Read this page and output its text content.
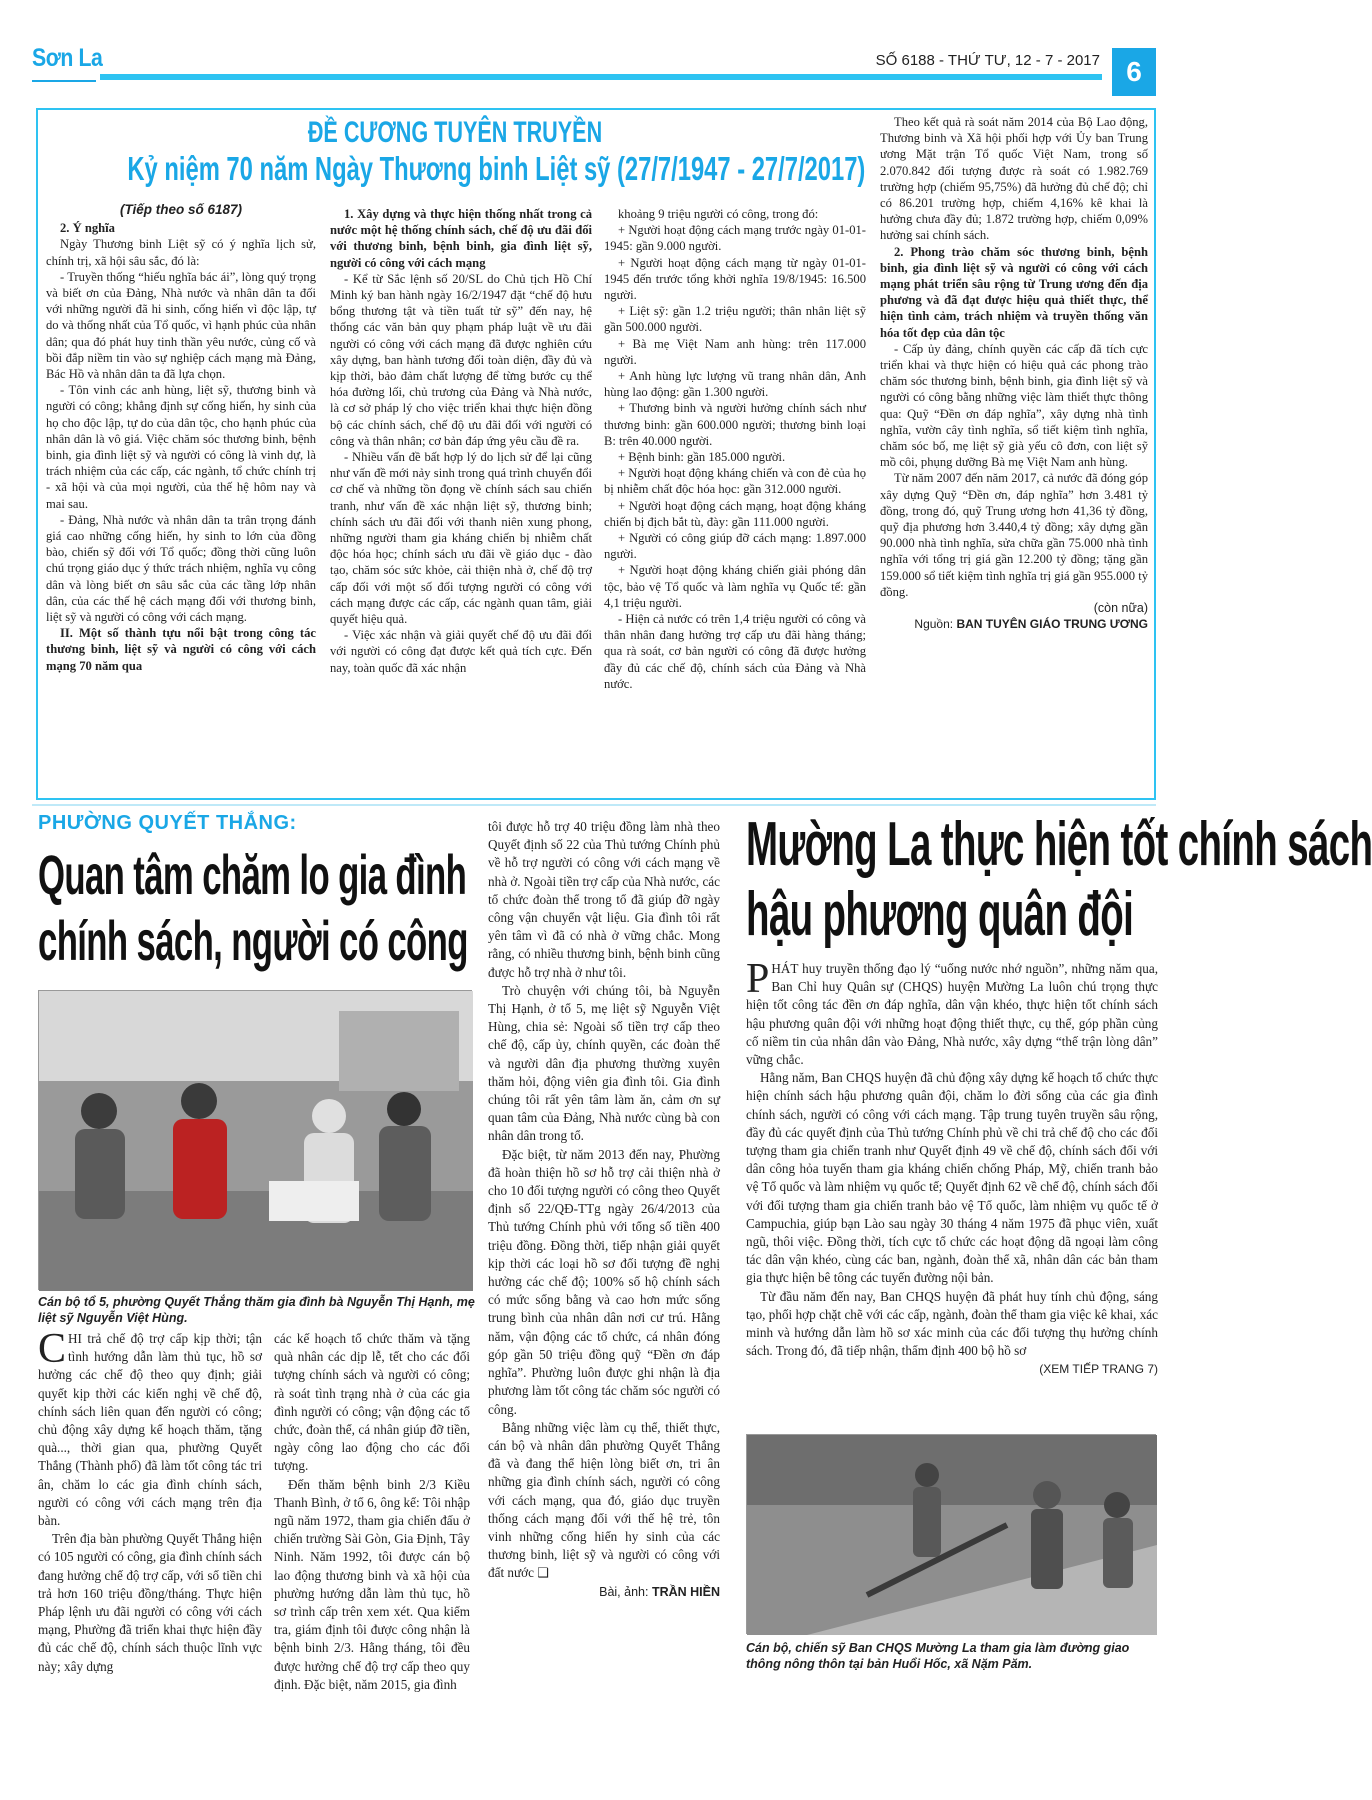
Sơn La	SỐ 6188 - THỨ TƯ, 12 - 7 - 2017 6
ĐỀ CƯƠNG TUYÊN TRUYỀN
Kỷ niệm 70 năm Ngày Thương binh Liệt sỹ (27/7/1947 - 27/7/2017)
(Tiếp theo số 6187)

2. Ý nghĩa

Ngày Thương binh Liệt sỹ có ý nghĩa lịch sử, chính trị, xã hội sâu sắc, đó là:

- Truyền thống “hiếu nghĩa bác ái”, lòng quý trọng và biết ơn của Đảng, Nhà nước và nhân dân ta đối với những người đã hi sinh, cống hiến vì độc lập, tự do và thống nhất của Tổ quốc, vì hạnh phúc của nhân dân; qua đó phát huy tinh thần yêu nước, củng cố và bồi đắp niềm tin vào sự nghiệp cách mạng mà Đảng, Bác Hồ và nhân dân ta đã lựa chọn.

- Tôn vinh các anh hùng, liệt sỹ, thương binh và người có công; khẳng định sự cống hiến, hy sinh của họ cho độc lập, tự do của dân tộc, cho hạnh phúc của nhân dân là vô giá. Việc chăm sóc thương binh, bệnh binh, gia đình liệt sỹ và người có công là vinh dự, là trách nhiệm của các cấp, các ngành, tổ chức chính trị - xã hội và của mọi người, của thế hệ hôm nay và mai sau.

- Đảng, Nhà nước và nhân dân ta trân trọng đánh giá cao những cống hiến, hy sinh to lớn của đồng bào, chiến sỹ đối với Tổ quốc; đồng thời cũng luôn chú trọng giáo dục ý thức trách nhiệm, nghĩa vụ công dân và lòng biết ơn sâu sắc của các tầng lớp nhân dân, của các thế hệ cách mạng đối với thương binh, liệt sỹ và người có công với cách mạng.

II. Một số thành tựu nổi bật trong công tác thương binh, liệt sỹ và người có công với cách mạng 70 năm qua

1. Xây dựng và thực hiện thống nhất trong cả nước một hệ thống chính sách, chế độ ưu đãi đối với thương binh, bệnh binh, gia đình liệt sỹ, người có công với cách mạng

- Kể từ Sắc lệnh số 20/SL do Chủ tịch Hồ Chí Minh ký ban hành ngày 16/2/1947 đặt “chế độ hưu bổng thương tật và tiền tuất tử sỹ” đến nay, hệ thống các văn bản quy phạm pháp luật về ưu đãi người có công với cách mạng đã được nghiên cứu xây dựng, ban hành tương đối toàn diện, đầy đủ và kịp thời, bảo đảm chất lượng để từng bước cụ thể hóa đường lối, chủ trương của Đảng và Nhà nước, là cơ sở pháp lý cho việc triển khai thực hiện đồng bộ các chính sách, chế độ ưu đãi đối với người có công và thân nhân; cơ bản đáp ứng yêu cầu đề ra.

- Nhiều vấn đề bất hợp lý do lịch sử để lại cũng như vấn đề mới nảy sinh trong quá trình chuyển đổi cơ chế và những tồn đọng về chính sách sau chiến tranh, như vấn đề xác nhận liệt sỹ, thương binh; chính sách ưu đãi đối với thanh niên xung phong, những người tham gia kháng chiến bị nhiễm chất độc hóa học; chính sách ưu đãi về giáo dục - đào tạo, chăm sóc sức khỏe, cải thiện nhà ở, chế độ trợ cấp đối với một số đối tượng người có công với cách mạng được các cấp, các ngành quan tâm, giải quyết hiệu quả.

- Việc xác nhận và giải quyết chế độ ưu đãi đối với người có công đạt được kết quả tích cực. Đến nay, toàn quốc đã xác nhận

khoảng 9 triệu người có công, trong đó:

+ Người hoạt động cách mạng trước ngày 01-01-1945: gần 9.000 người.

+ Người hoạt động cách mạng từ ngày 01-01-1945 đến trước tổng khởi nghĩa 19/8/1945: 16.500 người.

+ Liệt sỹ: gần 1.2 triệu người; thân nhân liệt sỹ gần 500.000 người.

+ Bà mẹ Việt Nam anh hùng: trên 117.000 người.

+ Anh hùng lực lượng vũ trang nhân dân, Anh hùng lao động: gần 1.300 người.

+ Thương binh và người hưởng chính sách như thương binh: gần 600.000 người; thương binh loại B: trên 40.000 người.

+ Bệnh binh: gần 185.000 người.

+ Người hoạt động kháng chiến và con đẻ của họ bị nhiễm chất độc hóa học: gần 312.000 người.

+ Người hoạt động cách mạng, hoạt động kháng chiến bị địch bắt tù, đày: gần 111.000 người.

+ Người có công giúp đỡ cách mạng: 1.897.000 người.

+ Người hoạt động kháng chiến giải phóng dân tộc, bảo vệ Tổ quốc và làm nghĩa vụ Quốc tế: gần 4,1 triệu người.

- Hiện cả nước có trên 1,4 triệu người có công và thân nhân đang hưởng trợ cấp ưu đãi hàng tháng; qua rà soát, cơ bản người có công đã được hưởng đầy đủ các chế độ, chính sách của Đảng và Nhà nước.

Theo kết quả rà soát năm 2014 của Bộ Lao động, Thương binh và Xã hội phối hợp với Ủy ban Trung ương Mặt trận Tổ quốc Việt Nam, trong số 2.070.842 đối tượng được rà soát có 1.982.769 trường hợp (chiếm 95,75%) đã hưởng đủ chế độ; chỉ có 86.201 trường hợp, chiếm 4,16% kê khai là hưởng chưa đầy đủ; 1.872 trường hợp, chiếm 0,09% hưởng sai chính sách.

2. Phong trào chăm sóc thương binh, bệnh binh, gia đình liệt sỹ và người có công với cách mạng phát triển sâu rộng từ Trung ương đến địa phương và đã đạt được hiệu quả thiết thực, thể hiện tình cảm, trách nhiệm và truyền thống văn hóa tốt đẹp của dân tộc

- Cấp ủy đảng, chính quyền các cấp đã tích cực triển khai và thực hiện có hiệu quả các phong trào chăm sóc thương binh, bệnh binh, gia đình liệt sỹ và người có công bằng những việc làm thiết thực thông qua: Quỹ “Đền ơn đáp nghĩa”, xây dựng nhà tình nghĩa, vườn cây tình nghĩa, sổ tiết kiệm tình nghĩa, chăm sóc bố, mẹ liệt sỹ già yếu cô đơn, con liệt sỹ mồ côi, phụng dưỡng Bà mẹ Việt Nam anh hùng.

Từ năm 2007 đến năm 2017, cả nước đã đóng góp xây dựng Quỹ “Đền ơn, đáp nghĩa” hơn 3.481 tỷ đồng, trong đó, quỹ Trung ương hơn 41,36 tỷ đồng, quỹ địa phương hơn 3.440,4 tỷ đồng; xây dựng gần 90.000 nhà tình nghĩa, sửa chữa gần 75.000 nhà tình nghĩa với tổng trị giá gần 12.200 tỷ đồng; tặng gần 159.000 sổ tiết kiệm tình nghĩa trị giá gần 955.000 tỷ đồng.

(còn nữa)
Nguồn: BAN TUYÊN GIÁO TRUNG ƯƠNG
PHƯỜNG QUYẾT THẮNG:
Quan tâm chăm lo gia đình
chính sách, người có công
Cán bộ tổ 5, phường Quyết Thắng thăm gia đình bà Nguyễn Thị Hạnh, mẹ liệt sỹ Nguyễn Việt Hùng.

CHI trả chế độ trợ cấp kịp thời; tận tình hướng dẫn làm thủ tục, hồ sơ hưởng các chế độ theo quy định; giải quyết kịp thời các kiến nghị về chế độ, chính sách liên quan đến người có công; chủ động xây dựng kế hoạch thăm, tặng quà..., thời gian qua, phường Quyết Thắng (Thành phố) đã làm tốt công tác tri ân, chăm lo các gia đình chính sách, người có công với cách mạng trên địa bàn.

Trên địa bàn phường Quyết Thắng hiện có 105 người có công, gia đình chính sách đang hưởng chế độ trợ cấp, với số tiền chi trả hơn 160 triệu đồng/tháng. Thực hiện Pháp lệnh ưu đãi người có công với cách mạng, Phường đã triển khai thực hiện đầy đủ các chế độ, chính sách thuộc lĩnh vực này; xây dựng

các kế hoạch tổ chức thăm và tặng quà nhân các dịp lễ, tết cho các đối tượng chính sách và người có công; rà soát tình trạng nhà ở của các gia đình người có công; vận động các tổ chức, đoàn thể, cá nhân giúp đỡ tiền, ngày công lao động cho các đối tượng.

Đến thăm bệnh binh 2/3 Kiều Thanh Bình, ở tổ 6, ông kể: Tôi nhập ngũ năm 1972, tham gia chiến đấu ở chiến trường Sài Gòn, Gia Định, Tây Ninh. Năm 1992, tôi được cán bộ lao động thương binh và xã hội của phường hướng dẫn làm thủ tục, hồ sơ trình cấp trên xem xét. Qua kiểm tra, giám định tôi được công nhận là bệnh binh 2/3. Hằng tháng, tôi đều được hưởng chế độ trợ cấp theo quy định. Đặc biệt, năm 2015, gia đình

tôi được hỗ trợ 40 triệu đồng làm nhà theo Quyết định số 22 của Thủ tướng Chính phủ về hỗ trợ người có công với cách mạng về nhà ở. Ngoài tiền trợ cấp của Nhà nước, các tổ chức đoàn thể trong tổ đã giúp đỡ ngày công vận chuyển vật liệu. Gia đình tôi rất yên tâm vì đã có nhà ở vững chắc. Mong rằng, có nhiều thương binh, bệnh binh cũng được hỗ trợ nhà ở như tôi.

Trò chuyện với chúng tôi, bà Nguyễn Thị Hạnh, ở tổ 5, mẹ liệt sỹ Nguyễn Việt Hùng, chia sẻ: Ngoài số tiền trợ cấp theo chế độ, cấp ủy, chính quyền, các đoàn thể và người dân địa phương thường xuyên thăm hỏi, động viên gia đình tôi. Gia đình chúng tôi rất yên tâm làm ăn, cảm ơn sự quan tâm của Đảng, Nhà nước cùng bà con nhân dân trong tổ.

Đặc biệt, từ năm 2013 đến nay, Phường đã hoàn thiện hồ sơ hỗ trợ cải thiện nhà ở cho 10 đối tượng người có công theo Quyết định số 22/QĐ-TTg ngày 26/4/2013 của Thủ tướng Chính phủ với tổng số tiền 400 triệu đồng. Đồng thời, tiếp nhận giải quyết kịp thời các loại hồ sơ đối tượng đề nghị hưởng các chế độ; 100% số hộ chính sách có mức sống bằng và cao hơn mức sống trung bình của nhân dân nơi cư trú. Hằng năm, vận động các tổ chức, cá nhân đóng góp gần 50 triệu đồng quỹ “Đền ơn đáp nghĩa”. Phường luôn được ghi nhận là địa phương làm tốt công tác chăm sóc người có công.

Bằng những việc làm cụ thể, thiết thực, cán bộ và nhân dân phường Quyết Thắng đã và đang thể hiện lòng biết ơn, tri ân những gia đình chính sách, người có công với cách mạng, qua đó, giáo dục truyền thống cách mạng đối với thế hệ trẻ, tôn vinh những cống hiến hy sinh của các thương binh, liệt sỹ và người có công với đất nước ❑

Bài, ảnh: TRẦN HIỀN
Mường La thực hiện tốt chính sách
hậu phương quân đội

PHÁT huy truyền thống đạo lý “uống nước nhớ nguồn”, những năm qua, Ban Chỉ huy Quân sự (CHQS) huyện Mường La luôn chú trọng thực hiện tốt công tác đền ơn đáp nghĩa, dân vận khéo, thực hiện tốt chính sách hậu phương quân đội với những hoạt động thiết thực, cụ thể, góp phần củng cố niềm tin của nhân dân vào Đảng, Nhà nước, xây dựng “thế trận lòng dân” vững chắc.

Hằng năm, Ban CHQS huyện đã chủ động xây dựng kế hoạch tổ chức thực hiện chính sách hậu phương quân đội, chăm lo đời sống của các gia đình chính sách, người có công với cách mạng. Tập trung tuyên truyền sâu rộng, đầy đủ các quyết định của Thủ tướng Chính phủ về chi trả chế độ cho các đối tượng tham gia chiến tranh như Quyết định 49 về chế độ, chính sách đối với dân công hỏa tuyến tham gia kháng chiến chống Pháp, Mỹ, chiến tranh bảo vệ Tổ quốc và làm nhiệm vụ quốc tế; Quyết định 62 về chế độ, chính sách đối với đối tượng tham gia chiến tranh bảo vệ Tổ quốc, làm nhiệm vụ quốc tế ở Campuchia, giúp bạn Lào sau ngày 30 tháng 4 năm 1975 đã phục viên, xuất ngũ, thôi việc. Đồng thời, tích cực tổ chức các hoạt động dã ngoại làm công tác dân vận khéo, cùng các ban, ngành, đoàn thể xã, nhân dân các bản tham gia thực hiện bê tông các tuyến đường nội bản.

Từ đầu năm đến nay, Ban CHQS huyện đã phát huy tính chủ động, sáng tạo, phối hợp chặt chẽ với các cấp, ngành, đoàn thể tham gia việc kê khai, xác minh và hướng dẫn làm hồ sơ xác minh của các đối tượng thụ hưởng chính sách. Trong đó, đã tiếp nhận, thẩm định 400 bộ hồ sơ

(XEM TIẾP TRANG 7)
Cán bộ, chiến sỹ Ban CHQS Mường La tham gia làm đường giao thông nông thôn tại bản Huổi Hốc, xã Nặm Păm.
